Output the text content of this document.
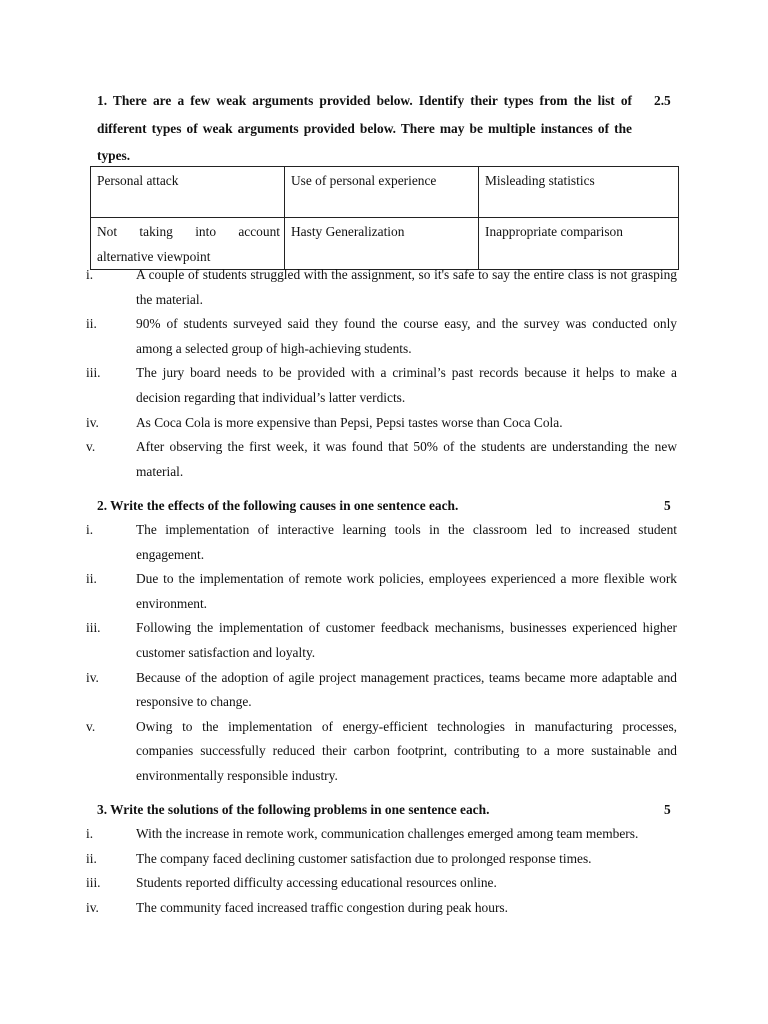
1. There are a few weak arguments provided below. Identify their types from the list of different types of weak arguments provided below. There may be multiple instances of the types.
2.5
Personal attack	Use of personal experience	Misleading statistics
Not taking into account alternative viewpoint	Hasty Generalization	Inappropriate comparison
i.	A couple of students struggled with the assignment, so it's safe to say the entire class is not grasping the material.
ii.	90% of students surveyed said they found the course easy, and the survey was conducted only among a selected group of high-achieving students.
iii.	The jury board needs to be provided with a criminal’s past records because it helps to make a decision regarding that individual’s latter verdicts.
iv.	As Coca Cola is more expensive than Pepsi, Pepsi tastes worse than Coca Cola.
v.	After observing the first week, it was found that 50% of the students are understanding the new material.
2. Write the effects of the following causes in one sentence each.	5
i.	The implementation of interactive learning tools in the classroom led to increased student engagement.
ii.	Due to the implementation of remote work policies, employees experienced a more flexible work environment.
iii.	Following the implementation of customer feedback mechanisms, businesses experienced higher customer satisfaction and loyalty.
iv.	Because of the adoption of agile project management practices, teams became more adaptable and responsive to change.
v.	Owing to the implementation of energy-efficient technologies in manufacturing processes, companies successfully reduced their carbon footprint, contributing to a more sustainable and environmentally responsible industry.
3. Write the solutions of the following problems in one sentence each.	5
i.	With the increase in remote work, communication challenges emerged among team members.
ii.	The company faced declining customer satisfaction due to prolonged response times.
iii.	Students reported difficulty accessing educational resources online.
iv.	The community faced increased traffic congestion during peak hours.
